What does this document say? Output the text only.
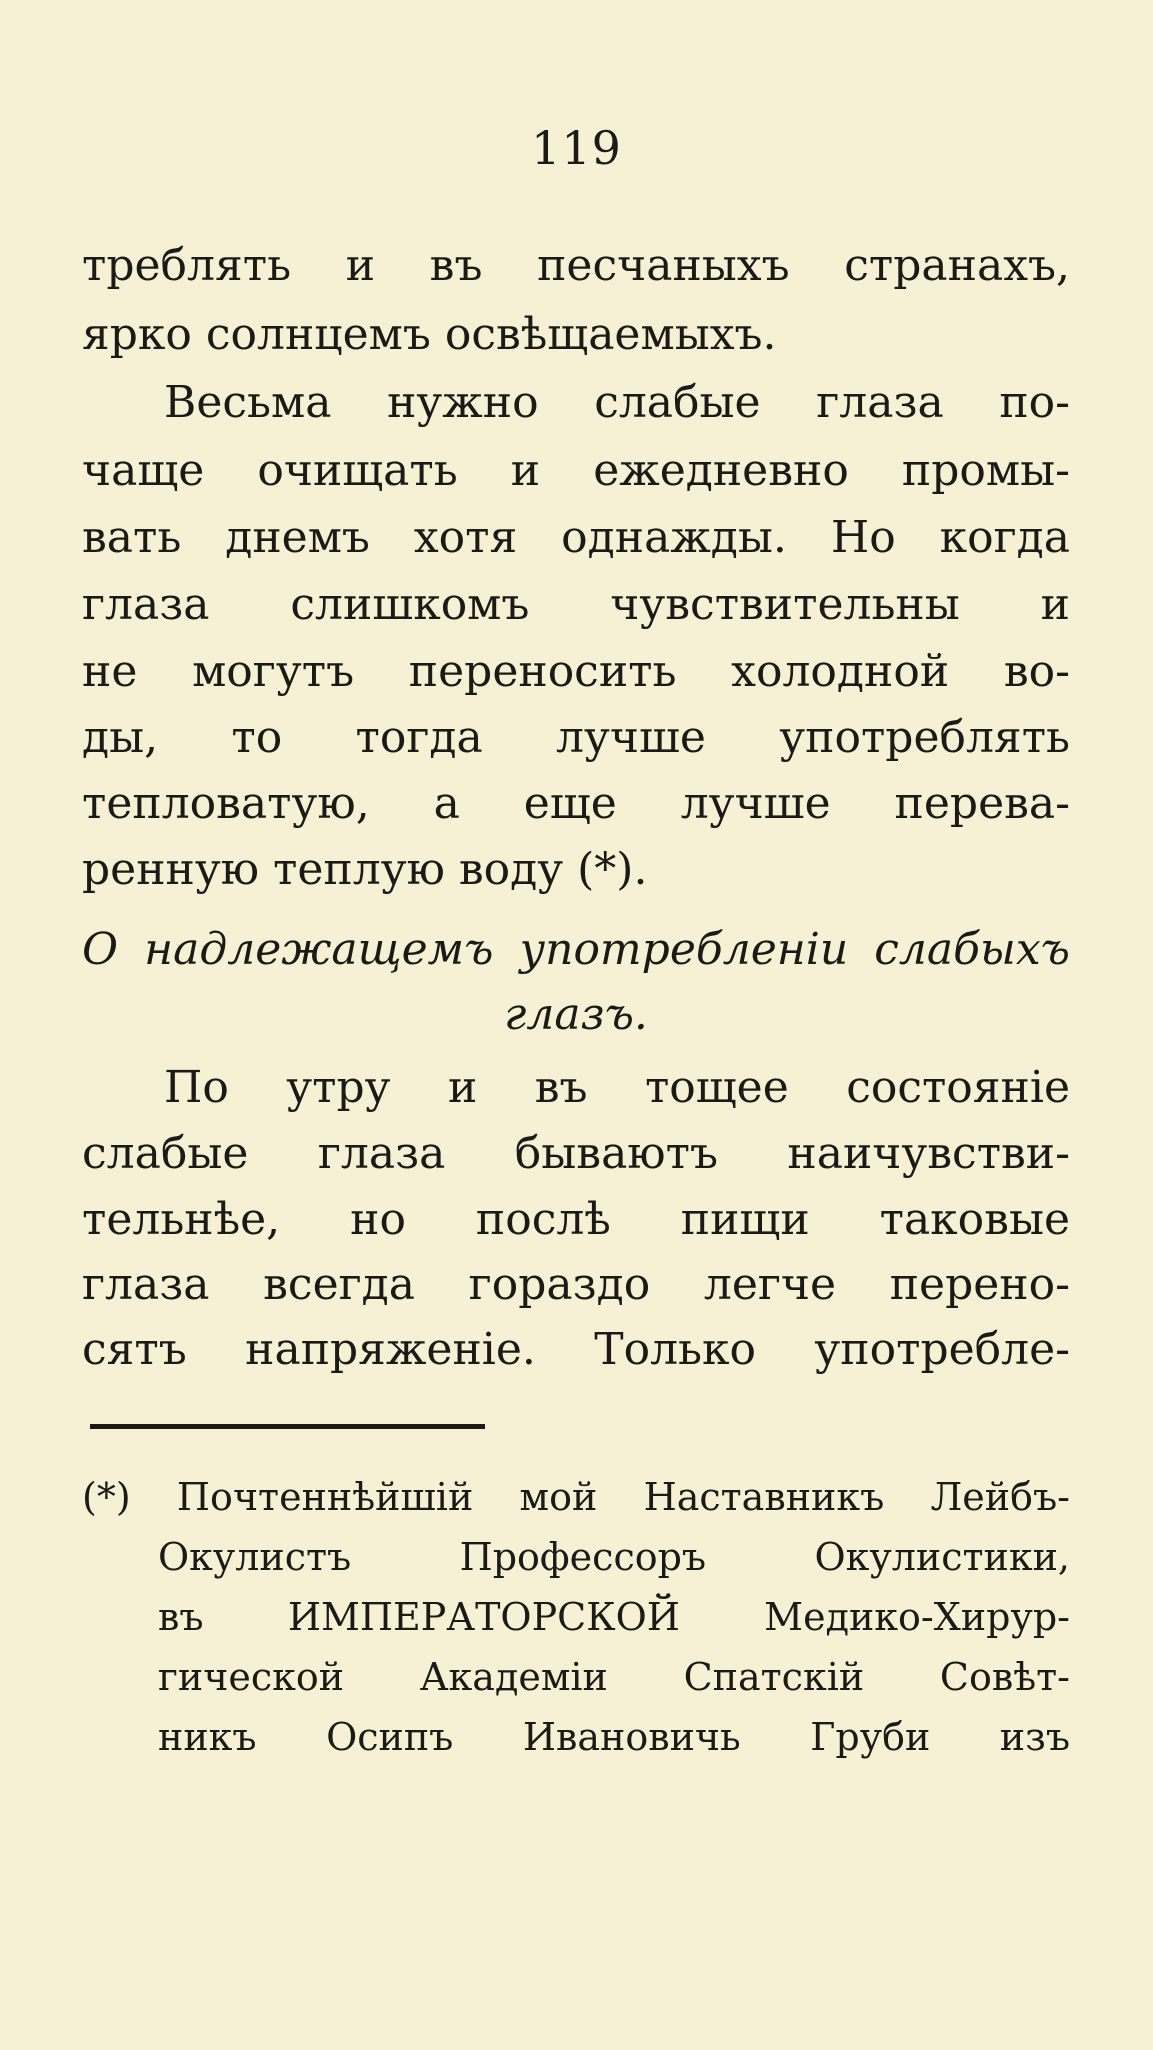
119
треблять и въ песчаныхъ странахъ,
ярко солнцемъ освѣщаемыхъ.
Весьма нужно слабые глаза по-
чаще очищать и ежедневно промы-
вать днемъ хотя однажды. Но когда
глаза слишкомъ чувствительны и
не могутъ переносить холодной во-
ды, то тогда лучше употреблять
тепловатую, а еще лучше перева-
ренную теплую воду (*).
О надлежащемъ употребленіи слабыхъ
глазъ.
По утру и въ тощее состояніе
слабые глаза бываютъ наичувстви-
тельнѣе, но послѣ пищи таковые
глаза всегда гораздо легче перено-
сятъ напряженіе. Только употребле-
(*) Почтеннѣйшій мой Наставникъ Лейбъ-
Окулистъ Профессоръ Окулистики,
въ ИМПЕРАТОРСКОЙ Медико-Хирур-
гической Академіи Спатскій Совѣт-
никъ Осипъ Ивановичь Груби изъ
